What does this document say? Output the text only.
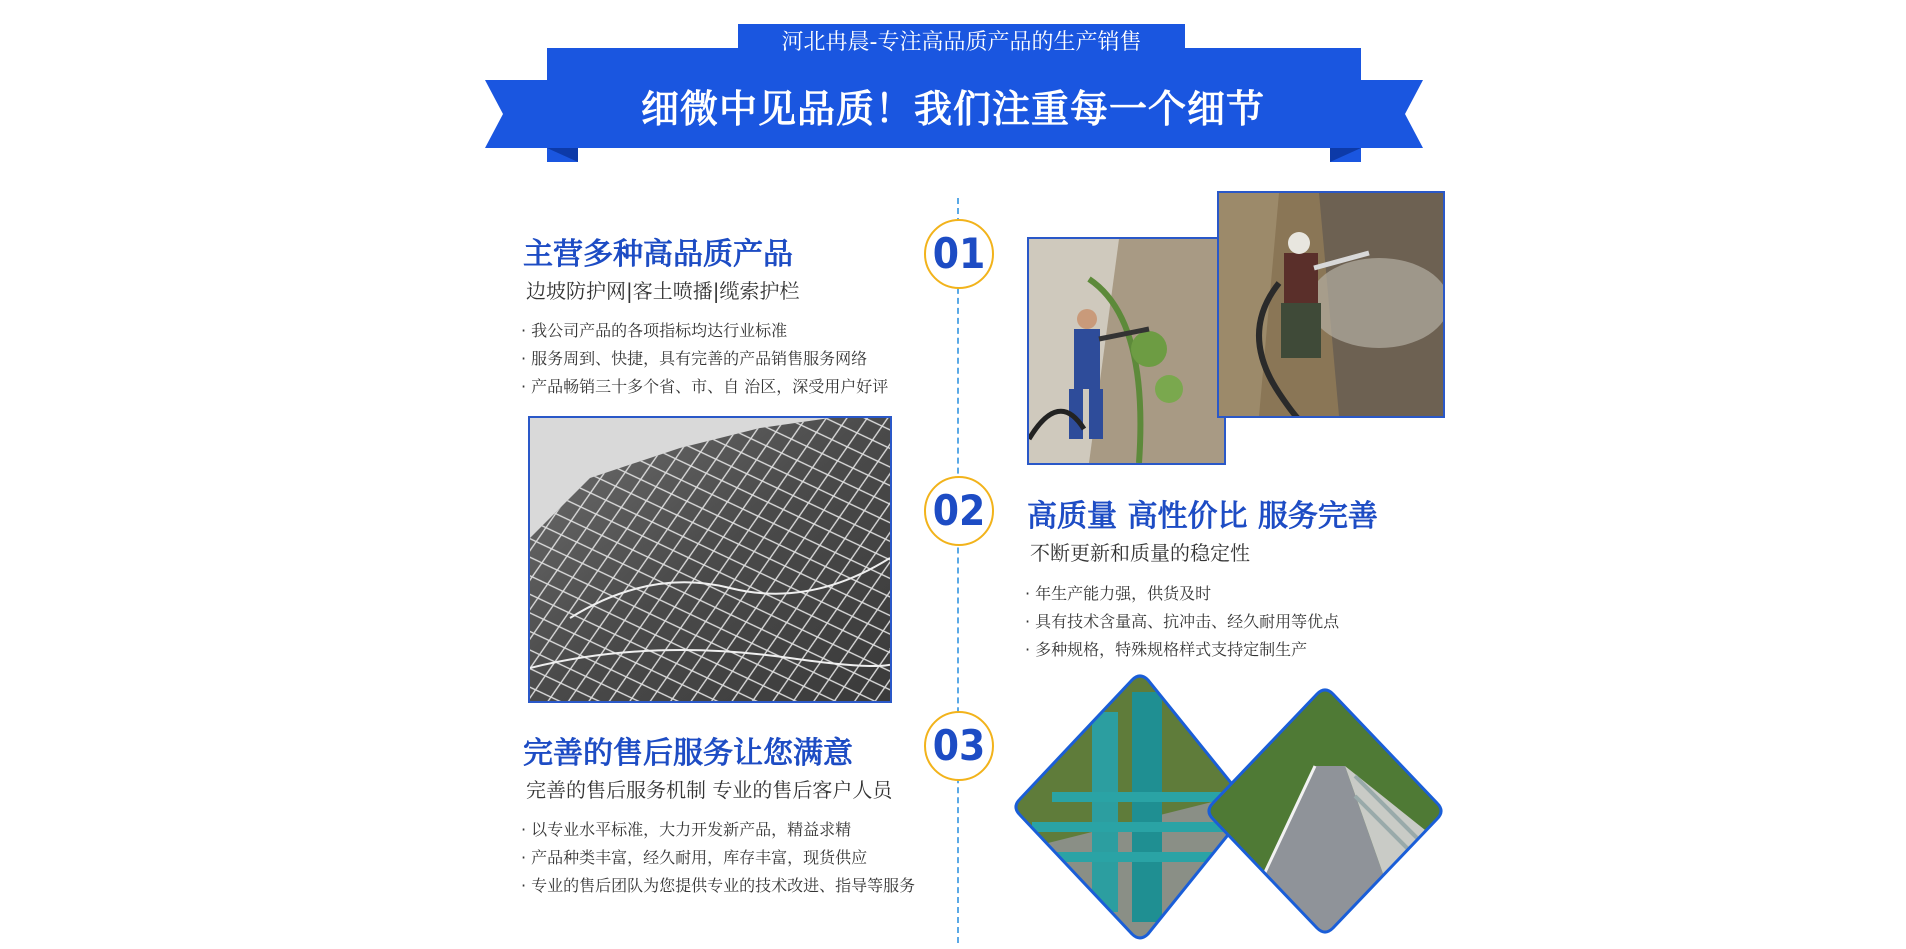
河北冉晨-专注高品质产品的生产销售
细微中见品质！我们注重每一个细节
01
主营多种高品质产品
边坡防护网|客土喷播|缆索护栏
· 我公司产品的各项指标均达行业标准
· 服务周到、快捷，具有完善的产品销售服务网络
· 产品畅销三十多个省、市、自 治区，深受用户好评
02 高质量 高性价比 服务完善
不断更新和质量的稳定性
· 年生产能力强，供货及时
· 具有技术含量高、抗冲击、经久耐用等优点
· 多种规格，特殊规格样式支持定制生产
03
完善的售后服务让您满意
完善的售后服务机制 专业的售后客户人员
· 以专业水平标准，大力开发新产品，精益求精
· 产品种类丰富，经久耐用，库存丰富，现货供应
· 专业的售后团队为您提供专业的技术改进、指导等服务
